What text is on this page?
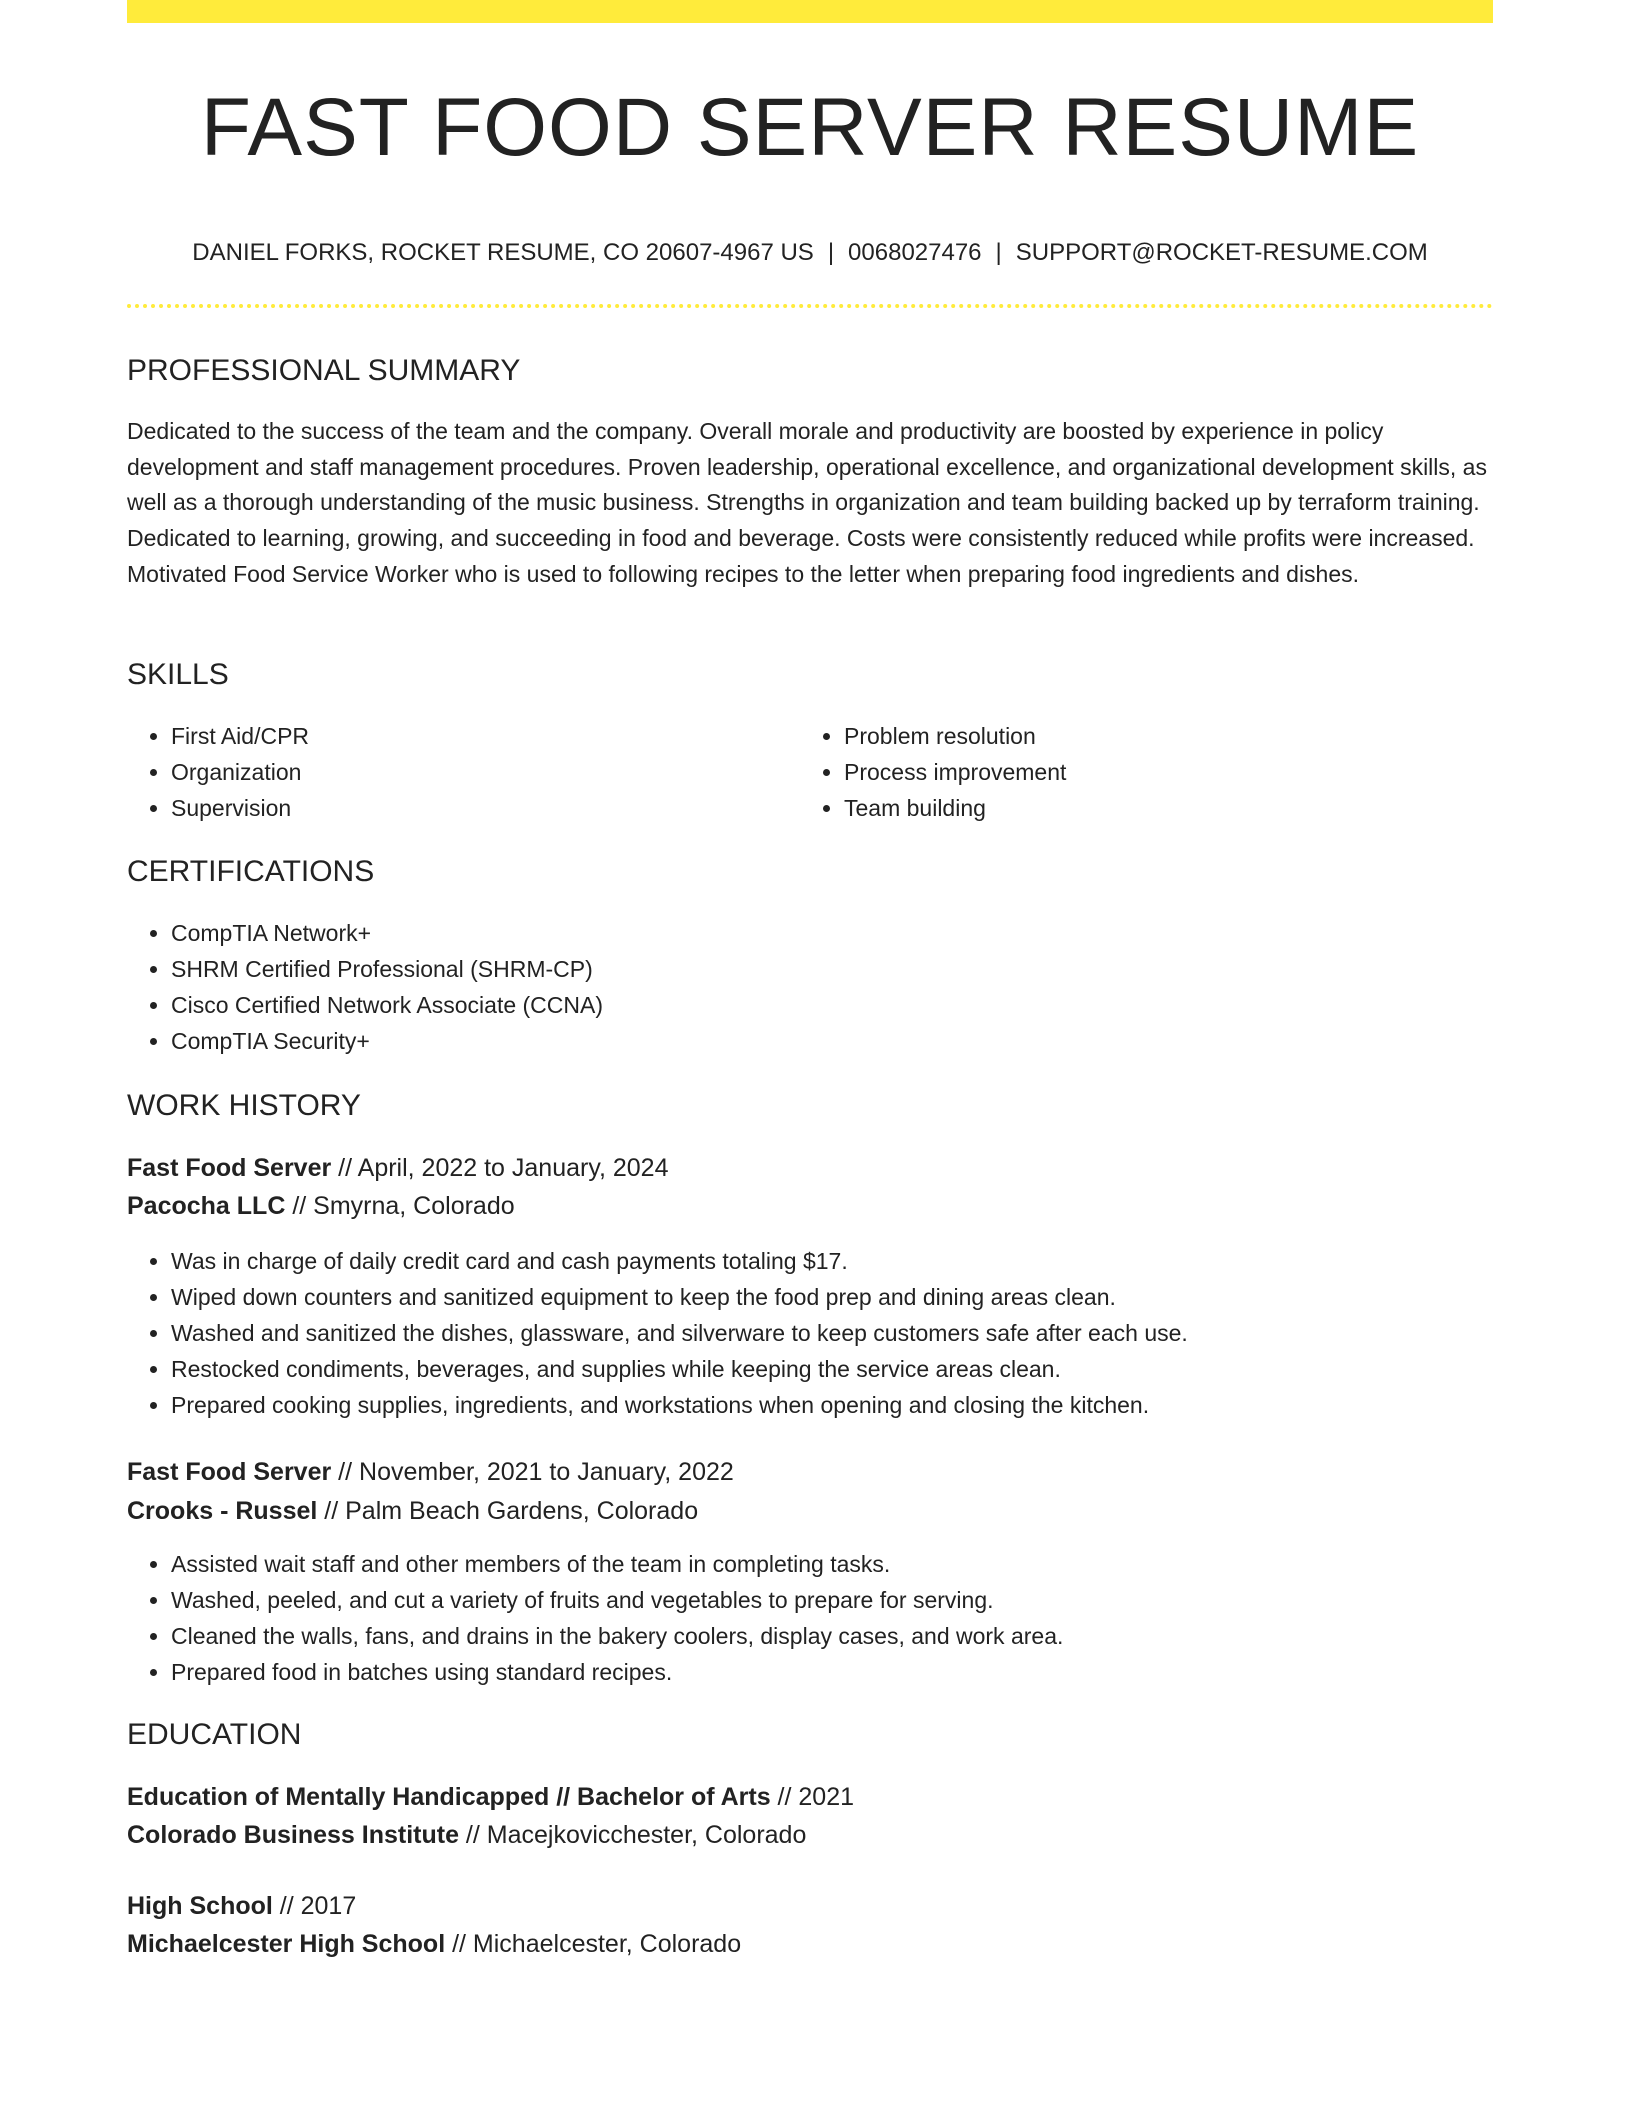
FAST FOOD SERVER RESUME
DANIEL FORKS, ROCKET RESUME, CO 20607-4967 US | 0068027476 | SUPPORT@ROCKET-RESUME.COM
PROFESSIONAL SUMMARY

Dedicated to the success of the team and the company. Overall morale and productivity are boosted by experience in policy development and staff management procedures. Proven leadership, operational excellence, and organizational development skills, as well as a thorough understanding of the music business. Strengths in organization and team building backed up by terraform training. Dedicated to learning, growing, and succeeding in food and beverage. Costs were consistently reduced while profits were increased. Motivated Food Service Worker who is used to following recipes to the letter when preparing food ingredients and dishes.

SKILLS
• First Aid/CPR
• Organization
• Supervision
• Problem resolution
• Process improvement
• Team building
CERTIFICATIONS
• CompTIA Network+
• SHRM Certified Professional (SHRM-CP)
• Cisco Certified Network Associate (CCNA)
• CompTIA Security+
WORK HISTORY
Fast Food Server // April, 2022 to January, 2024
Pacocha LLC // Smyrna, Colorado
• Was in charge of daily credit card and cash payments totaling $17.
• Wiped down counters and sanitized equipment to keep the food prep and dining areas clean.
• Washed and sanitized the dishes, glassware, and silverware to keep customers safe after each use.
• Restocked condiments, beverages, and supplies while keeping the service areas clean.
• Prepared cooking supplies, ingredients, and workstations when opening and closing the kitchen.
Fast Food Server // November, 2021 to January, 2022
Crooks - Russel // Palm Beach Gardens, Colorado
• Assisted wait staff and other members of the team in completing tasks.
• Washed, peeled, and cut a variety of fruits and vegetables to prepare for serving.
• Cleaned the walls, fans, and drains in the bakery coolers, display cases, and work area.
• Prepared food in batches using standard recipes.
EDUCATION
Education of Mentally Handicapped // Bachelor of Arts // 2021
Colorado Business Institute // Macejkovicchester, Colorado
High School // 2017
Michaelcester High School // Michaelcester, Colorado
